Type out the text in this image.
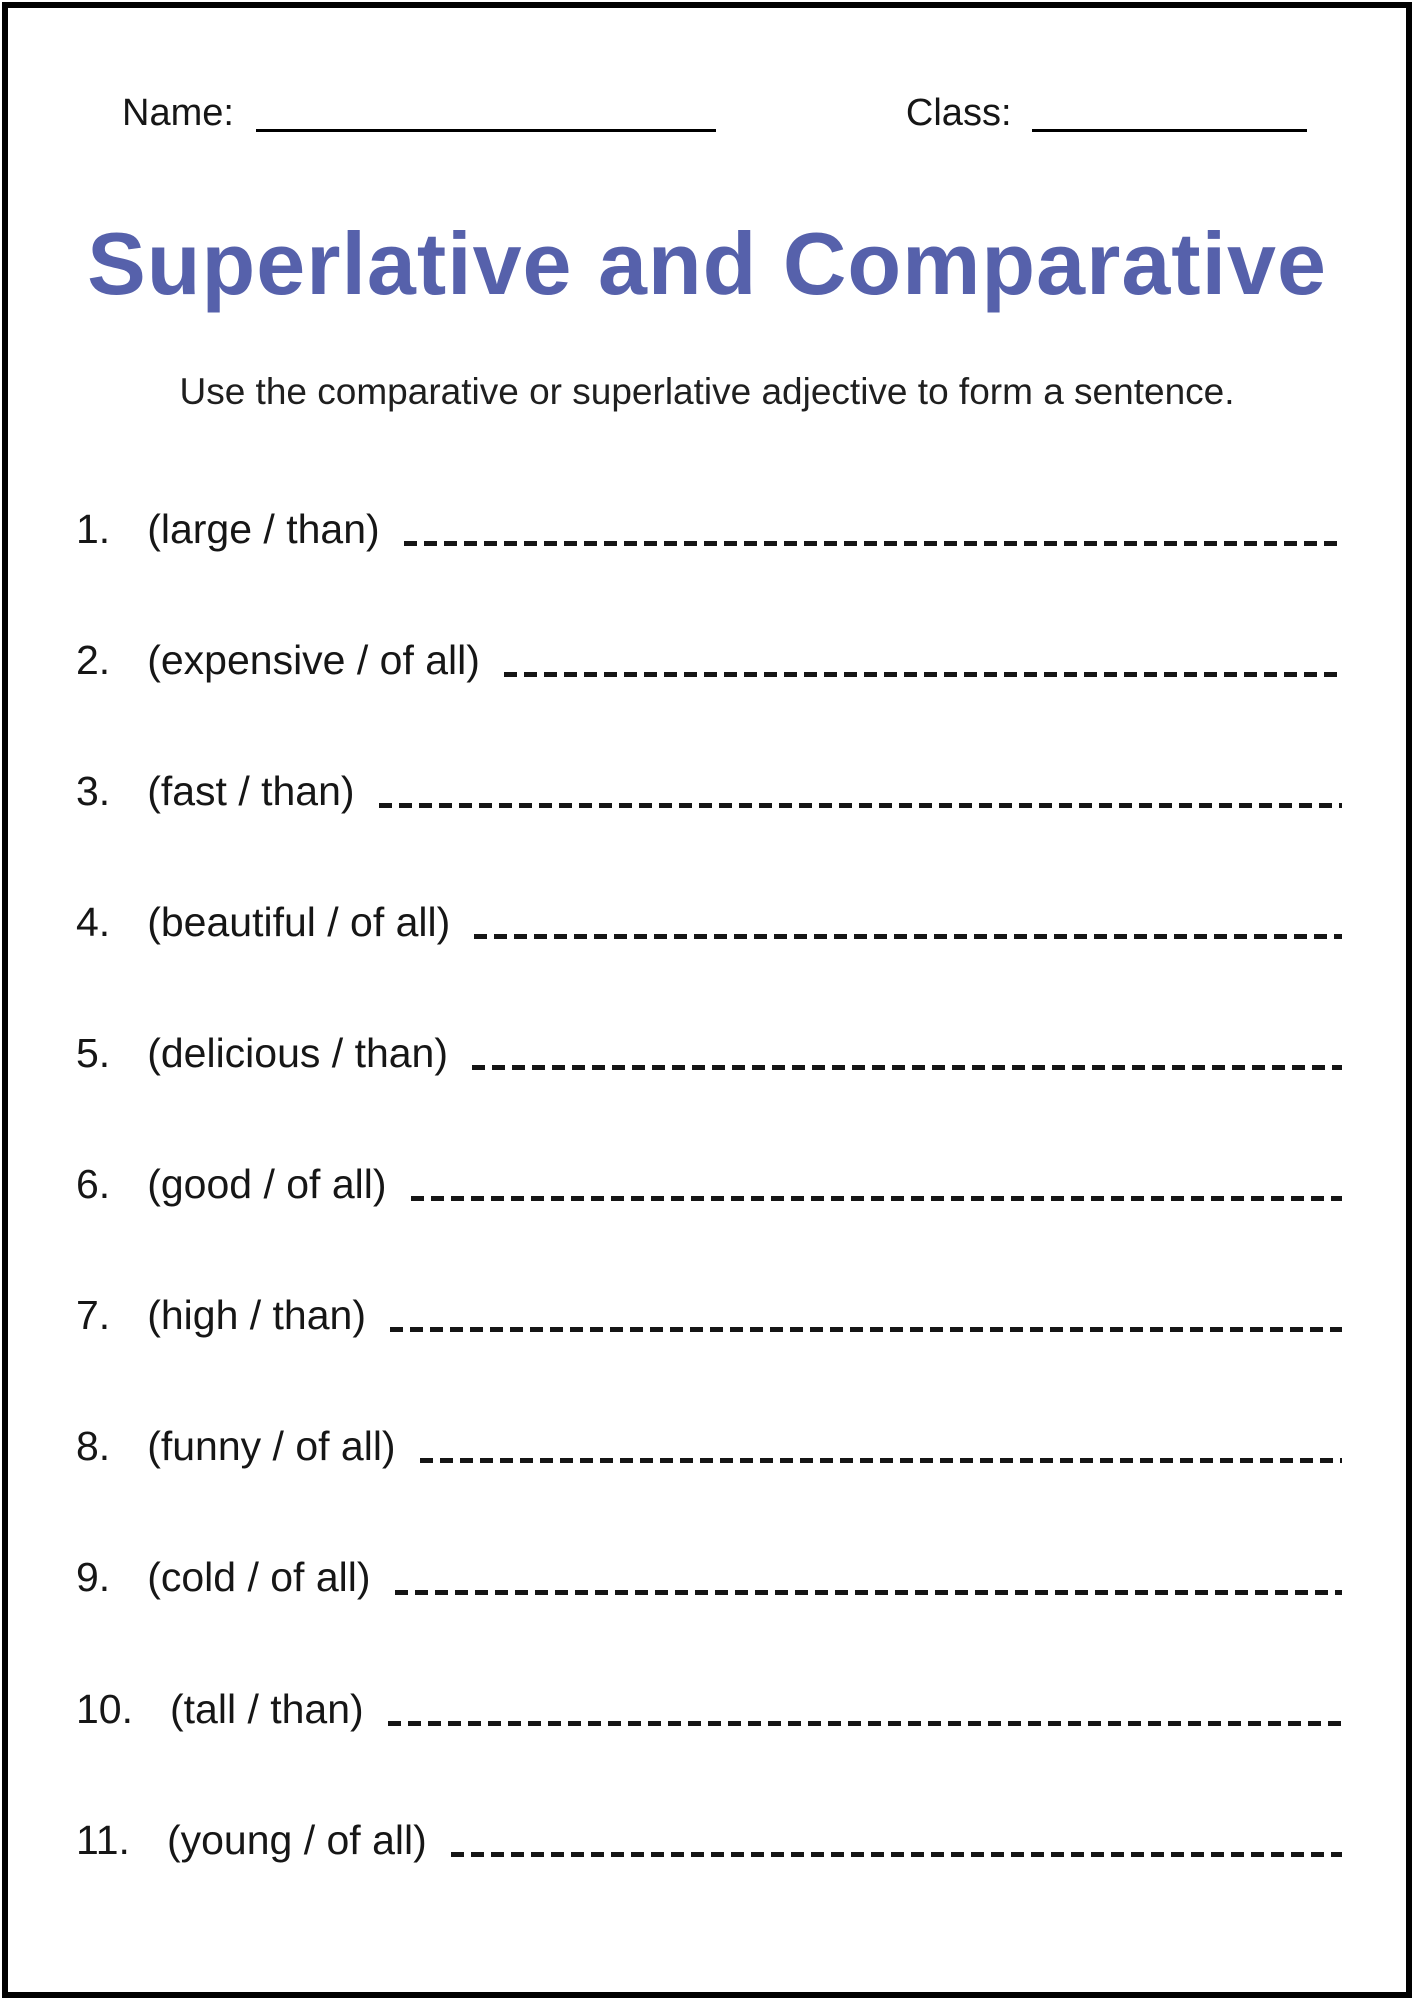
Name:	Class:
Superlative and Comparative
Use the comparative or superlative adjective to form a sentence.
1. (large / than)
2. (expensive / of all)
3. (fast / than)
4. (beautiful / of all)
5. (delicious / than)
6. (good / of all)
7. (high / than)
8. (funny / of all)
9. (cold / of all)
10. (tall / than)
11. (young / of all)
